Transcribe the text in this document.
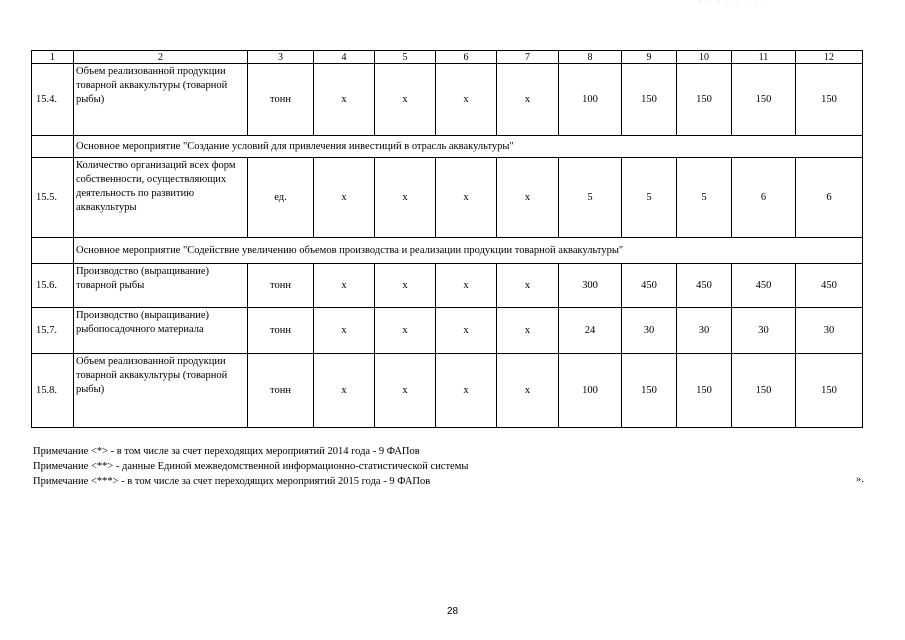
' ' ' . . . . .
1	2	3	4	5	6	7	8	9	10	11	12
15.4.	Объем реализованной продукции товарной аквакультуры (товарной рыбы)	тонн	х	х	х	х	100	150	150	150	150
	Основное мероприятие "Создание условий для привлечения инвестиций в отрасль аквакультуры"										
15.5.	Количество организаций всех форм собственности, осуществляющих деятельность по развитию аквакультуры	ед.	х	х	х	х	5	5	5	6	6
	Основное мероприятие "Содействие увеличению объемов производства и реализации продукции товарной аквакультуры"										
15.6.	Производство (выращивание) товарной рыбы	тонн	х	х	х	х	300	450	450	450	450
15.7.	Производство (выращивание) рыбопосадочного материала	тонн	х	х	х	х	24	30	30	30	30
15.8.	Объем реализованной продукции товарной аквакультуры (товарной рыбы)	тонн	х	х	х	х	100	150	150	150	150
Примечание <*> - в том числе за счет переходящих мероприятий 2014 года - 9 ФАПов
Примечание <**> - данные Единой межведомственной информационно-статистической системы
Примечание <***> - в том числе за счет переходящих мероприятий 2015 года - 9 ФАПов	».
28
